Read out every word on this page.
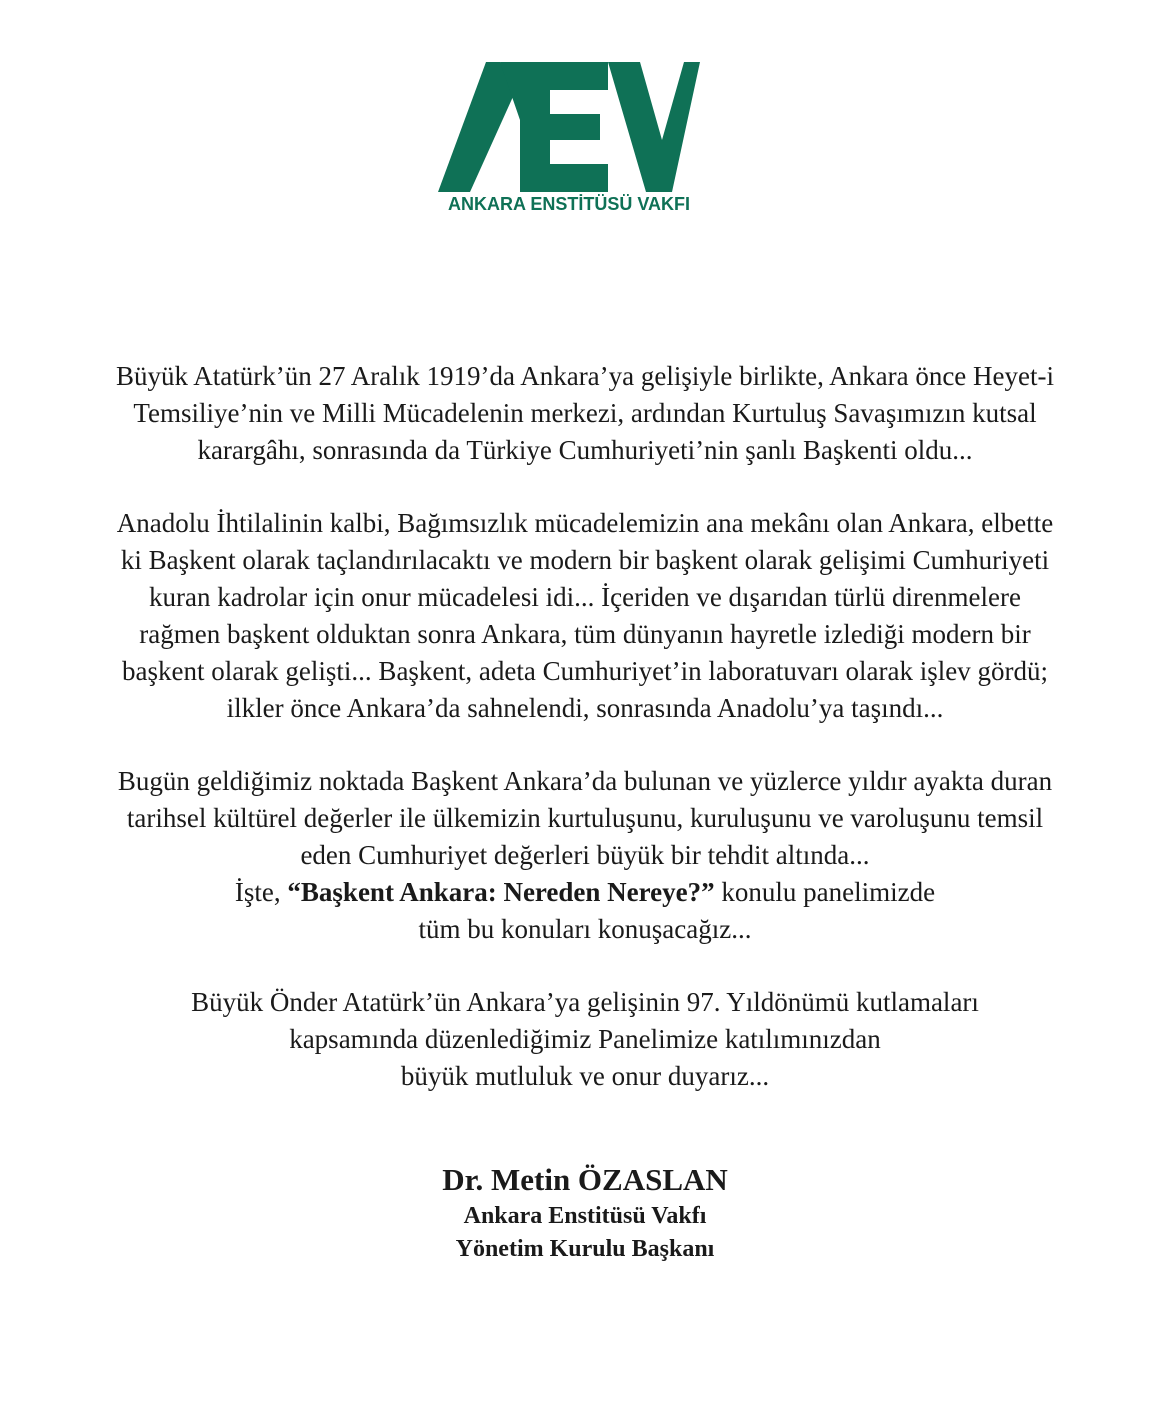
ANKARA ENSTİTÜSÜ VAKFI
Büyük Atatürk’ün 27 Aralık 1919’da Ankara’ya gelişiyle birlikte, Ankara önce Heyet-i
Temsiliye’nin ve Milli Mücadelenin merkezi, ardından Kurtuluş Savaşımızın kutsal
karargâhı, sonrasında da Türkiye Cumhuriyeti’nin şanlı Başkenti oldu...
Anadolu İhtilalinin kalbi, Bağımsızlık mücadelemizin ana mekânı olan Ankara, elbette
ki Başkent olarak taçlandırılacaktı ve modern bir başkent olarak gelişimi Cumhuriyeti
kuran kadrolar için onur mücadelesi idi... İçeriden ve dışarıdan türlü direnmelere
rağmen başkent olduktan sonra Ankara, tüm dünyanın hayretle izlediği modern bir
başkent olarak gelişti... Başkent, adeta Cumhuriyet’in laboratuvarı olarak işlev gördü;
ilkler önce Ankara’da sahnelendi, sonrasında Anadolu’ya taşındı...
Bugün geldiğimiz noktada Başkent Ankara’da bulunan ve yüzlerce yıldır ayakta duran
tarihsel kültürel değerler ile ülkemizin kurtuluşunu, kuruluşunu ve varoluşunu temsil
eden Cumhuriyet değerleri büyük bir tehdit altında...
İşte, “Başkent Ankara: Nereden Nereye?” konulu panelimizde
tüm bu konuları konuşacağız...
Büyük Önder Atatürk’ün Ankara’ya gelişinin 97. Yıldönümü kutlamaları
kapsamında düzenlediğimiz Panelimize katılımınızdan
büyük mutluluk ve onur duyarız...
Dr. Metin ÖZASLAN
Ankara Enstitüsü Vakfı
Yönetim Kurulu Başkanı
